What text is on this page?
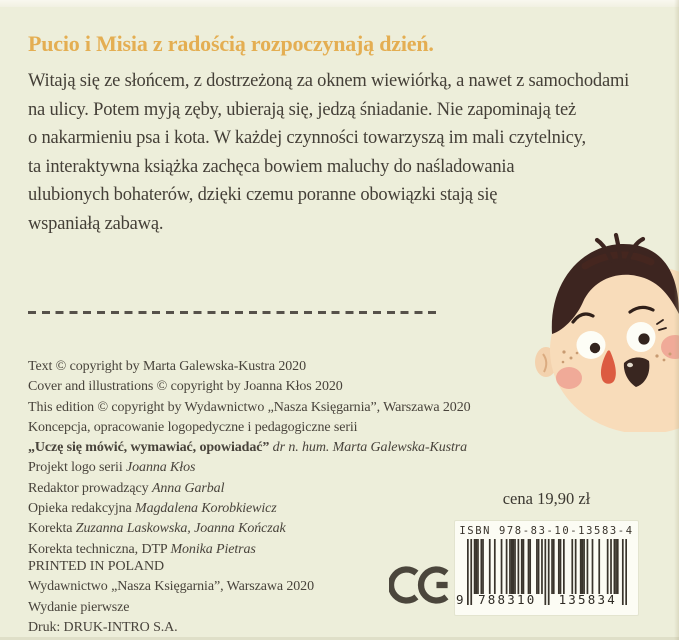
Pucio i Misia z radością rozpoczynają dzień.
Witają się ze słońcem, z dostrzeżoną za oknem wiewiórką, a nawet z samochodami
na ulicy. Potem myją zęby, ubierają się, jedzą śniadanie. Nie zapominają też
o nakarmieniu psa i kota. W każdej czynności towarzyszą im mali czytelnicy,
ta interaktywna książka zachęca bowiem maluchy do naśladowania
ulubionych bohaterów, dzięki czemu poranne obowiązki stają się
wspaniałą zabawą.
Text © copyright by Marta Galewska-Kustra 2020
Cover and illustrations © copyright by Joanna Kłos 2020
This edition © copyright by Wydawnictwo „Nasza Księgarnia”, Warszawa 2020
Koncepcja, opracowanie logopedyczne i pedagogiczne serii
„Uczę się mówić, wymawiać, opowiadać” dr n. hum. Marta Galewska-Kustra
Projekt logo serii Joanna Kłos
Redaktor prowadzący Anna Garbal
Opieka redakcyjna Magdalena Korobkiewicz
Korekta Zuzanna Laskowska, Joanna Kończak
Korekta techniczna, DTP Monika Pietras
PRINTED IN POLAND
Wydawnictwo „Nasza Księgarnia”, Warszawa 2020
Wydanie pierwsze
Druk: DRUK-INTRO S.A.
cena 19,90 zł
ISBN 978-83-10-13583-4
9	788310	135834
